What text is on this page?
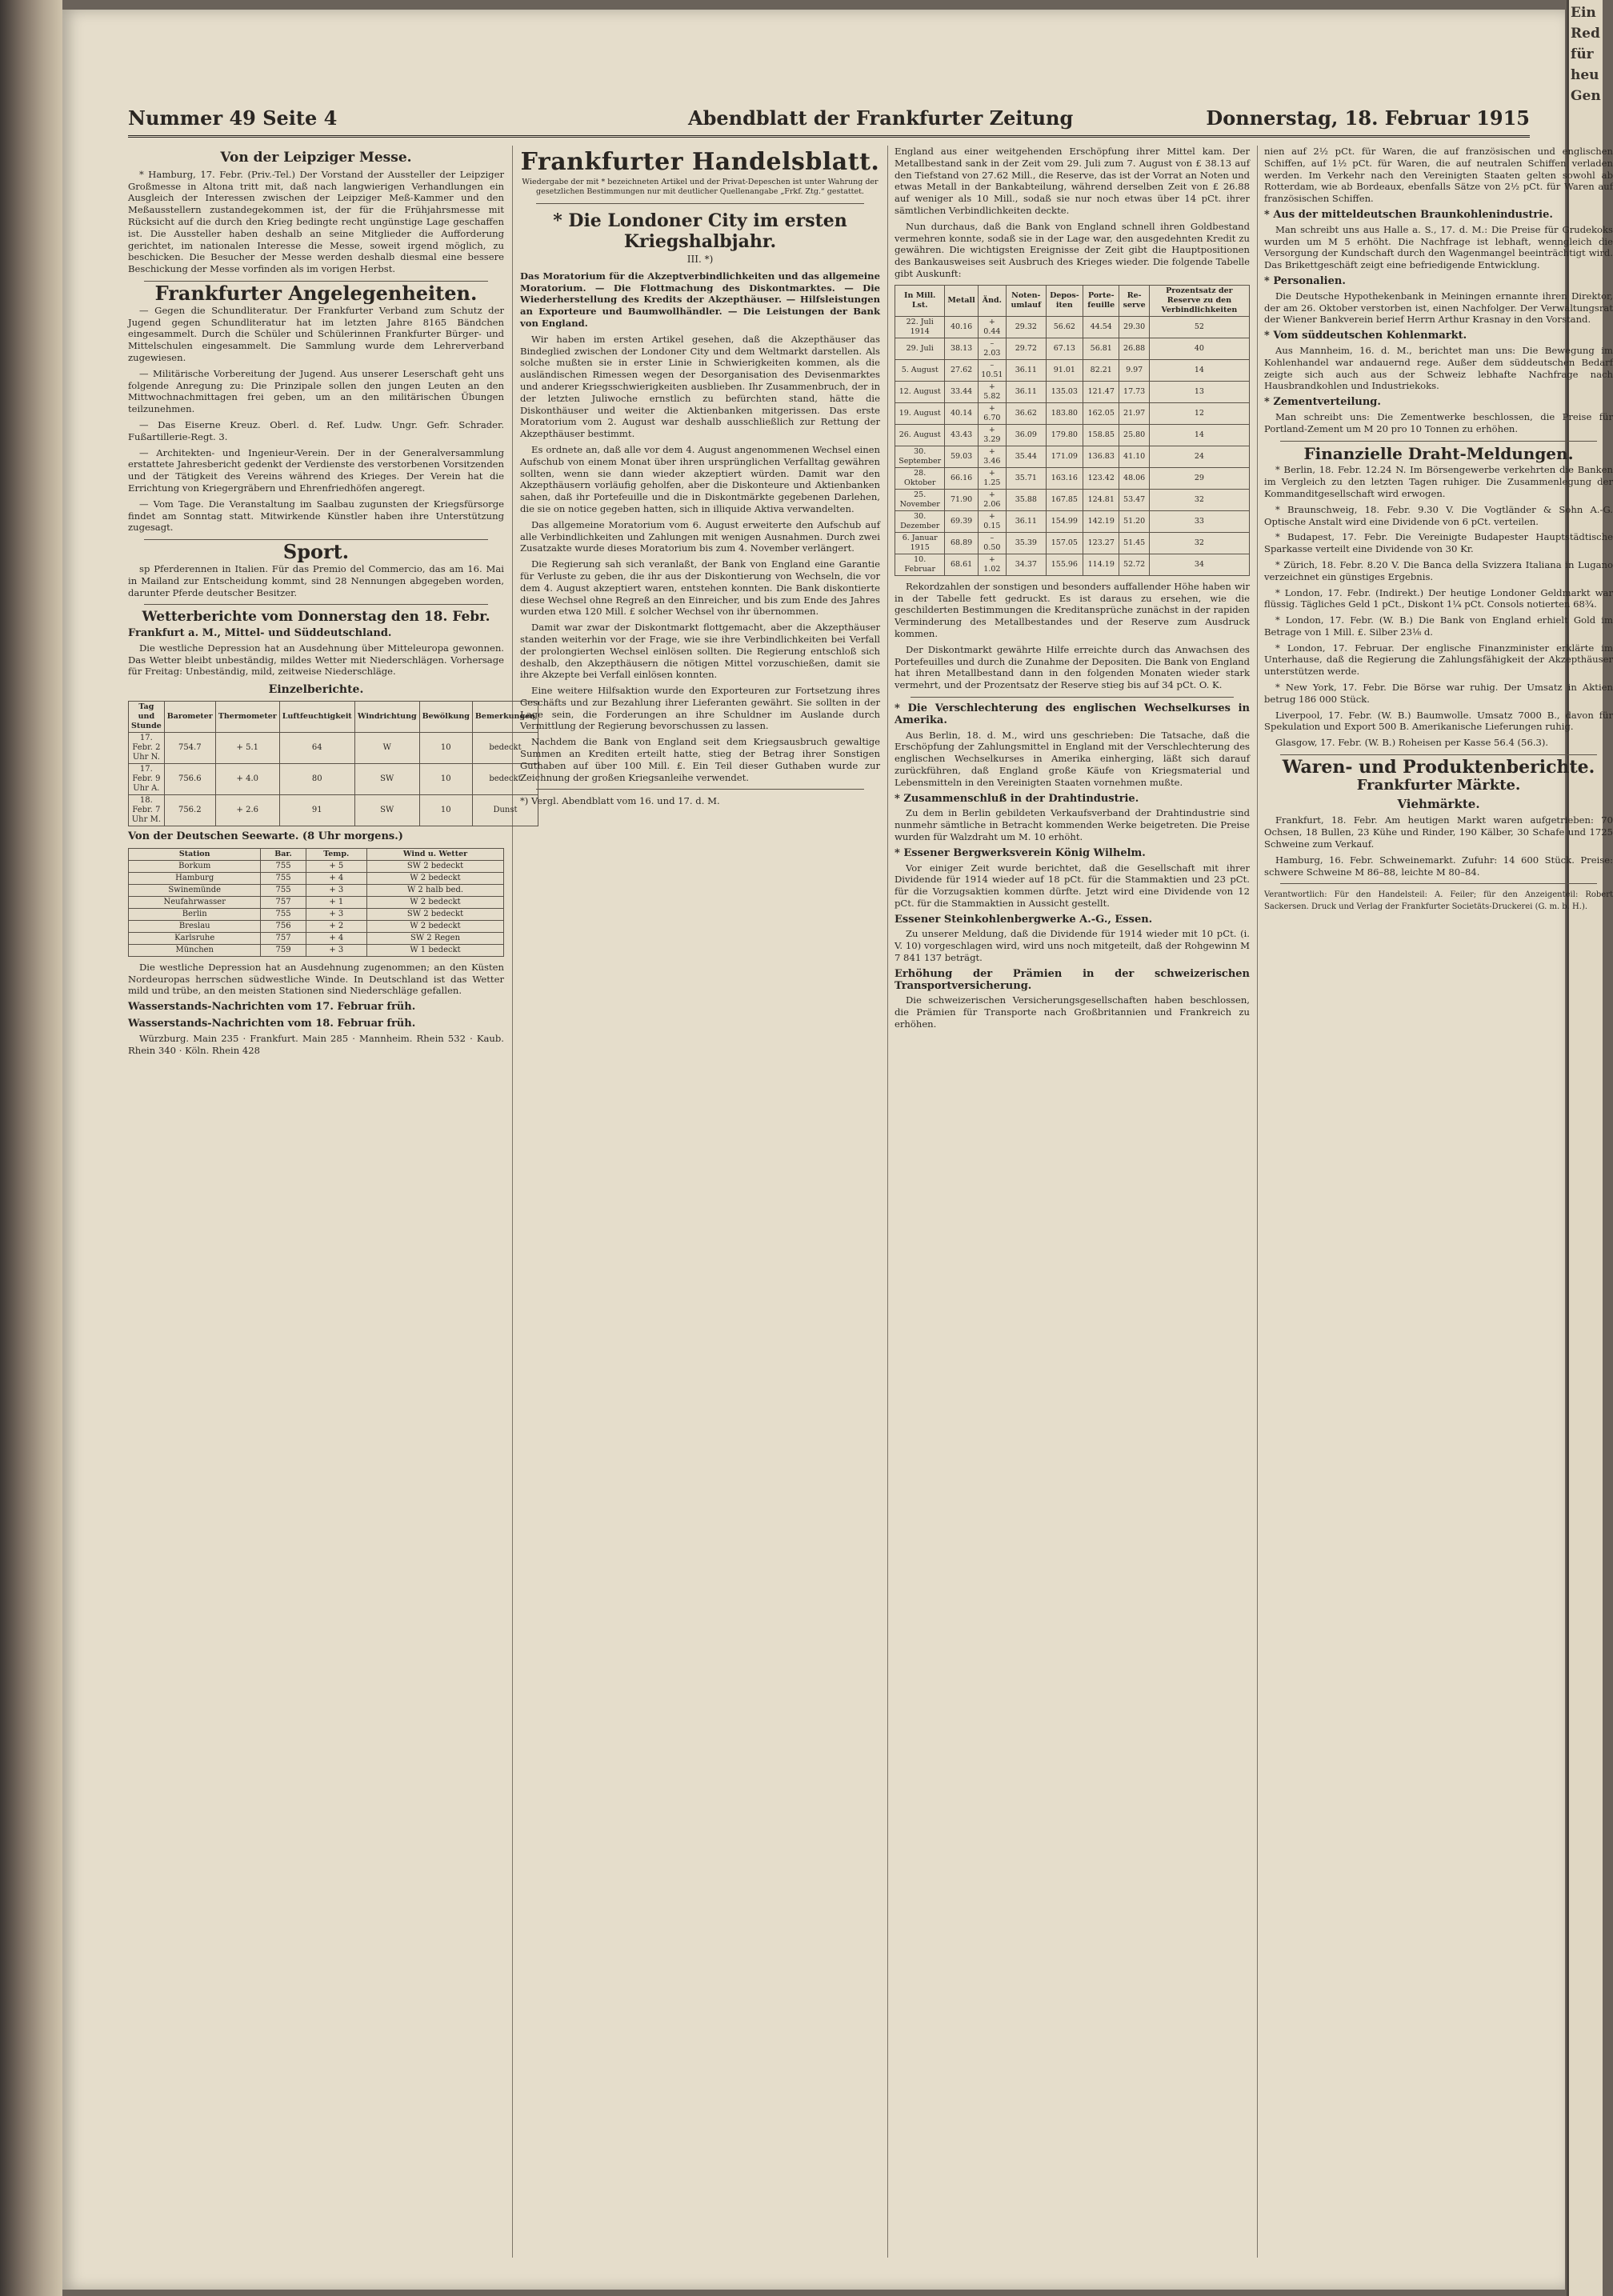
Ein
Red
für
heu
Gen
Nummer 49 Seite 4	Abendblatt der Frankfurter Zeitung	Donnerstag, 18. Februar 1915
Von der Leipziger Messe.

* Hamburg, 17. Febr. (Priv.-Tel.) Der Vorstand der Aussteller der Leipziger Großmesse in Altona tritt mit, daß nach langwierigen Verhandlungen ein Ausgleich der Interessen zwischen der Leipziger Meß-Kammer und den Meßausstellern zustandegekommen ist, der für die Frühjahrsmesse mit Rücksicht auf die durch den Krieg bedingte recht ungünstige Lage geschaffen ist. Die Aussteller haben deshalb an seine Mitglieder die Aufforderung gerichtet, im nationalen Interesse die Messe, soweit irgend möglich, zu beschicken. Die Besucher der Messe werden deshalb diesmal eine bessere Beschickung der Messe vorfinden als im vorigen Herbst.

Frankfurter Angelegenheiten.

— Gegen die Schundliteratur. Der Frankfurter Verband zum Schutz der Jugend gegen Schundliteratur hat im letzten Jahre 8165 Bändchen eingesammelt. Durch die Schüler und Schülerinnen Frankfurter Bürger- und Mittelschulen eingesammelt. Die Sammlung wurde dem Lehrerverband zugewiesen.

— Militärische Vorbereitung der Jugend. Aus unserer Leserschaft geht uns folgende Anregung zu: Die Prinzipale sollen den jungen Leuten an den Mittwochnachmittagen frei geben, um an den militärischen Übungen teilzunehmen.

— Das Eiserne Kreuz. Oberl. d. Ref. Ludw. Ungr. Gefr. Schrader. Fußartillerie-Regt. 3.

— Architekten- und Ingenieur-Verein. Der in der Generalversammlung erstattete Jahresbericht gedenkt der Verdienste des verstorbenen Vorsitzenden und der Tätigkeit des Vereins während des Krieges. Der Verein hat die Errichtung von Kriegergräbern und Ehrenfriedhöfen angeregt.

— Vom Tage. Die Veranstaltung im Saalbau zugunsten der Kriegsfürsorge findet am Sonntag statt. Mitwirkende Künstler haben ihre Unterstützung zugesagt.

Sport.

sp Pferderennen in Italien. Für das Premio del Commercio, das am 16. Mai in Mailand zur Entscheidung kommt, sind 28 Nennungen abgegeben worden, darunter Pferde deutscher Besitzer.

Wetterberichte vom Donnerstag den 18. Febr.
Frankfurt a. M., Mittel- und Süddeutschland.

Die westliche Depression hat an Ausdehnung über Mitteleuropa gewonnen. Das Wetter bleibt unbeständig, mildes Wetter mit Niederschlägen. Vorhersage für Freitag: Unbeständig, mild, zeitweise Niederschläge.

Einzelberichte.
Tag und Stunde	Barometer	Thermometer	Luftfeuchtigkeit	Windrichtung	Bewölkung	Bemerkungen
17. Febr. 2 Uhr N.	754.7	+ 5.1	64	W	10	bedeckt
17. Febr. 9 Uhr A.	756.6	+ 4.0	80	SW	10	bedeckt
18. Febr. 7 Uhr M.	756.2	+ 2.6	91	SW	10	Dunst
Von der Deutschen Seewarte. (8 Uhr morgens.)
Station	Bar.	Temp.	Wind u. Wetter
Borkum	755	+ 5	SW 2 bedeckt
Hamburg	755	+ 4	W 2 bedeckt
Swinemünde	755	+ 3	W 2 halb bed.
Neufahrwasser	757	+ 1	W 2 bedeckt
Berlin	755	+ 3	SW 2 bedeckt
Breslau	756	+ 2	W 2 bedeckt
Karlsruhe	757	+ 4	SW 2 Regen
München	759	+ 3	W 1 bedeckt

Die westliche Depression hat an Ausdehnung zugenommen; an den Küsten Nordeuropas herrschen südwestliche Winde. In Deutschland ist das Wetter mild und trübe, an den meisten Stationen sind Niederschläge gefallen.

Wasserstands-Nachrichten vom 17. Februar früh.
Wasserstands-Nachrichten vom 18. Februar früh.

Würzburg. Main 235 · Frankfurt. Main 285 · Mannheim. Rhein 532 · Kaub. Rhein 340 · Köln. Rhein 428

Frankfurter Handelsblatt.
Wiedergabe der mit * bezeichneten Artikel und der Privat-Depeschen ist unter Wahrung der gesetzlichen Bestimmungen nur mit deutlicher Quellenangabe „Frkf. Ztg.“ gestattet.
* Die Londoner City im ersten Kriegshalbjahr.
III. *)

Das Moratorium für die Akzeptverbindlichkeiten und das allgemeine Moratorium. — Die Flottmachung des Diskontmarktes. — Die Wiederherstellung des Kredits der Akzepthäuser. — Hilfsleistungen an Exporteure und Baumwollhändler. — Die Leistungen der Bank von England.

Wir haben im ersten Artikel gesehen, daß die Akzepthäuser das Bindeglied zwischen der Londoner City und dem Weltmarkt darstellen. Als solche mußten sie in erster Linie in Schwierigkeiten kommen, als die ausländischen Rimessen wegen der Desorganisation des Devisenmarktes und anderer Kriegsschwierigkeiten ausblieben. Ihr Zusammenbruch, der in der letzten Juliwoche ernstlich zu befürchten stand, hätte die Diskonthäuser und weiter die Aktienbanken mitgerissen. Das erste Moratorium vom 2. August war deshalb ausschließlich zur Rettung der Akzepthäuser bestimmt.

Es ordnete an, daß alle vor dem 4. August angenommenen Wechsel einen Aufschub von einem Monat über ihren ursprünglichen Verfalltag gewähren sollten, wenn sie dann wieder akzeptiert würden. Damit war den Akzepthäusern vorläufig geholfen, aber die Diskonteure und Aktienbanken sahen, daß ihr Portefeuille und die in Diskontmärkte gegebenen Darlehen, die sie on notice gegeben hatten, sich in illiquide Aktiva verwandelten.

Das allgemeine Moratorium vom 6. August erweiterte den Aufschub auf alle Verbindlichkeiten und Zahlungen mit wenigen Ausnahmen. Durch zwei Zusatzakte wurde dieses Moratorium bis zum 4. November verlängert.

Die Regierung sah sich veranlaßt, der Bank von England eine Garantie für Verluste zu geben, die ihr aus der Diskontierung von Wechseln, die vor dem 4. August akzeptiert waren, entstehen konnten. Die Bank diskontierte diese Wechsel ohne Regreß an den Einreicher, und bis zum Ende des Jahres wurden etwa 120 Mill. £ solcher Wechsel von ihr übernommen.

Damit war zwar der Diskontmarkt flottgemacht, aber die Akzepthäuser standen weiterhin vor der Frage, wie sie ihre Verbindlichkeiten bei Verfall der prolongierten Wechsel einlösen sollten. Die Regierung entschloß sich deshalb, den Akzepthäusern die nötigen Mittel vorzuschießen, damit sie ihre Akzepte bei Verfall einlösen konnten.

Eine weitere Hilfsaktion wurde den Exporteuren zur Fortsetzung ihres Geschäfts und zur Bezahlung ihrer Lieferanten gewährt. Sie sollten in der Lage sein, die Forderungen an ihre Schuldner im Auslande durch Vermittlung der Regierung bevorschussen zu lassen.

Nachdem die Bank von England seit dem Kriegsausbruch gewaltige Summen an Krediten erteilt hatte, stieg der Betrag ihrer Sonstigen Guthaben auf über 100 Mill. £. Ein Teil dieser Guthaben wurde zur Zeichnung der großen Kriegsanleihe verwendet.

*) Vergl. Abendblatt vom 16. und 17. d. M.

England aus einer weitgehenden Erschöpfung ihrer Mittel kam. Der Metallbestand sank in der Zeit vom 29. Juli zum 7. August von £ 38.13 auf den Tiefstand von 27.62 Mill., die Reserve, das ist der Vorrat an Noten und etwas Metall in der Bankabteilung, während derselben Zeit von £ 26.88 auf weniger als 10 Mill., sodaß sie nur noch etwas über 14 pCt. ihrer sämtlichen Verbindlichkeiten deckte.

Nun durchaus, daß die Bank von England schnell ihren Goldbestand vermehren konnte, sodaß sie in der Lage war, den ausgedehnten Kredit zu gewähren. Die wichtigsten Ereignisse der Zeit gibt die Hauptpositionen des Bankausweises seit Ausbruch des Krieges wieder. Die folgende Tabelle gibt Auskunft:

In Mill. Lst.	Metall	Änd.	Noten-umlauf	Depos-iten	Porte-feuille	Re-serve	Prozentsatz der Reserve zu den Verbindlichkeiten
22. Juli 1914	40.16	+ 0.44	29.32	56.62	44.54	29.30	52
29. Juli	38.13	– 2.03	29.72	67.13	56.81	26.88	40
5. August	27.62	– 10.51	36.11	91.01	82.21	9.97	14
12. August	33.44	+ 5.82	36.11	135.03	121.47	17.73	13
19. August	40.14	+ 6.70	36.62	183.80	162.05	21.97	12
26. August	43.43	+ 3.29	36.09	179.80	158.85	25.80	14
30. September	59.03	+ 3.46	35.44	171.09	136.83	41.10	24
28. Oktober	66.16	+ 1.25	35.71	163.16	123.42	48.06	29
25. November	71.90	+ 2.06	35.88	167.85	124.81	53.47	32
30. Dezember	69.39	+ 0.15	36.11	154.99	142.19	51.20	33
6. Januar 1915	68.89	– 0.50	35.39	157.05	123.27	51.45	32
10. Februar	68.61	+ 1.02	34.37	155.96	114.19	52.72	34

Rekordzahlen der sonstigen und besonders auffallender Höhe haben wir in der Tabelle fett gedruckt. Es ist daraus zu ersehen, wie die geschilderten Bestimmungen die Kreditansprüche zunächst in der rapiden Verminderung des Metallbestandes und der Reserve zum Ausdruck kommen.

Der Diskontmarkt gewährte Hilfe erreichte durch das Anwachsen des Portefeuilles und durch die Zunahme der Depositen. Die Bank von England hat ihren Metallbestand dann in den folgenden Monaten wieder stark vermehrt, und der Prozentsatz der Reserve stieg bis auf 34 pCt. O. K.

* Die Verschlechterung des englischen Wechselkurses in Amerika.

Aus Berlin, 18. d. M., wird uns geschrieben: Die Tatsache, daß die Erschöpfung der Zahlungsmittel in England mit der Verschlechterung des englischen Wechselkurses in Amerika einherging, läßt sich darauf zurückführen, daß England große Käufe von Kriegsmaterial und Lebensmitteln in den Vereinigten Staaten vornehmen mußte.

* Zusammenschluß in der Drahtindustrie.

Zu dem in Berlin gebildeten Verkaufsverband der Drahtindustrie sind nunmehr sämtliche in Betracht kommenden Werke beigetreten. Die Preise wurden für Walzdraht um M. 10 erhöht.

* Essener Bergwerksverein König Wilhelm.

Vor einiger Zeit wurde berichtet, daß die Gesellschaft mit ihrer Dividende für 1914 wieder auf 18 pCt. für die Stammaktien und 23 pCt. für die Vorzugsaktien kommen dürfte. Jetzt wird eine Dividende von 12 pCt. für die Stammaktien in Aussicht gestellt.

Essener Steinkohlenbergwerke A.-G., Essen.

Zu unserer Meldung, daß die Dividende für 1914 wieder mit 10 pCt. (i. V. 10) vorgeschlagen wird, wird uns noch mitgeteilt, daß der Rohgewinn M 7 841 137 beträgt.

Erhöhung der Prämien in der schweizerischen Transportversicherung.

Die schweizerischen Versicherungsgesellschaften haben beschlossen, die Prämien für Transporte nach Großbritannien und Frankreich zu erhöhen.

nien auf 2½ pCt. für Waren, die auf französischen und englischen Schiffen, auf 1½ pCt. für Waren, die auf neutralen Schiffen verladen werden. Im Verkehr nach den Vereinigten Staaten gelten sowohl ab Rotterdam, wie ab Bordeaux, ebenfalls Sätze von 2½ pCt. für Waren auf französischen Schiffen.

* Aus der mitteldeutschen Braunkohlenindustrie.

Man schreibt uns aus Halle a. S., 17. d. M.: Die Preise für Grudekoks wurden um M 5 erhöht. Die Nachfrage ist lebhaft, wenngleich die Versorgung der Kundschaft durch den Wagenmangel beeinträchtigt wird. Das Brikettgeschäft zeigt eine befriedigende Entwicklung.

* Personalien.

Die Deutsche Hypothekenbank in Meiningen ernannte ihren Direktor, der am 26. Oktober verstorben ist, einen Nachfolger. Der Verwaltungsrat der Wiener Bankverein berief Herrn Arthur Krasnay in den Vorstand.

* Vom süddeutschen Kohlenmarkt.

Aus Mannheim, 16. d. M., berichtet man uns: Die Bewegung im Kohlenhandel war andauernd rege. Außer dem süddeutschen Bedarf zeigte sich auch aus der Schweiz lebhafte Nachfrage nach Hausbrandkohlen und Industriekoks.

* Zementverteilung.

Man schreibt uns: Die Zementwerke beschlossen, die Preise für Portland-Zement um M 20 pro 10 Tonnen zu erhöhen.

Finanzielle Draht-Meldungen.

* Berlin, 18. Febr. 12.24 N. Im Börsengewerbe verkehrten die Banken im Vergleich zu den letzten Tagen ruhiger. Die Zusammenlegung der Kommanditgesellschaft wird erwogen.

* Braunschweig, 18. Febr. 9.30 V. Die Vogtländer & Sohn A.-G. Optische Anstalt wird eine Dividende von 6 pCt. verteilen.

* Budapest, 17. Febr. Die Vereinigte Budapester Hauptstädtische Sparkasse verteilt eine Dividende von 30 Kr.

* Zürich, 18. Febr. 8.20 V. Die Banca della Svizzera Italiana in Lugano verzeichnet ein günstiges Ergebnis.

* London, 17. Febr. (Indirekt.) Der heutige Londoner Geldmarkt war flüssig. Tägliches Geld 1 pCt., Diskont 1¼ pCt. Consols notierten 68¾.

* London, 17. Febr. (W. B.) Die Bank von England erhielt Gold im Betrage von 1 Mill. £. Silber 23⅛ d.

* London, 17. Februar. Der englische Finanzminister erklärte im Unterhause, daß die Regierung die Zahlungsfähigkeit der Akzepthäuser unterstützen werde.

* New York, 17. Febr. Die Börse war ruhig. Der Umsatz in Aktien betrug 186 000 Stück.

Liverpool, 17. Febr. (W. B.) Baumwolle. Umsatz 7000 B., davon für Spekulation und Export 500 B. Amerikanische Lieferungen ruhig.

Glasgow, 17. Febr. (W. B.) Roheisen per Kasse 56.4 (56.3).

Waren- und Produktenberichte.
Frankfurter Märkte.
Viehmärkte.

Frankfurt, 18. Febr. Am heutigen Markt waren aufgetrieben: 70 Ochsen, 18 Bullen, 23 Kühe und Rinder, 190 Kälber, 30 Schafe und 1725 Schweine zum Verkauf.

Hamburg, 16. Febr. Schweinemarkt. Zufuhr: 14 600 Stück. Preise: schwere Schweine M 86–88, leichte M 80–84.

Verantwortlich: Für den Handelsteil: A. Feiler; für den Anzeigenteil: Robert Sackersen. Druck und Verlag der Frankfurter Societäts-Druckerei (G. m. b. H.).
